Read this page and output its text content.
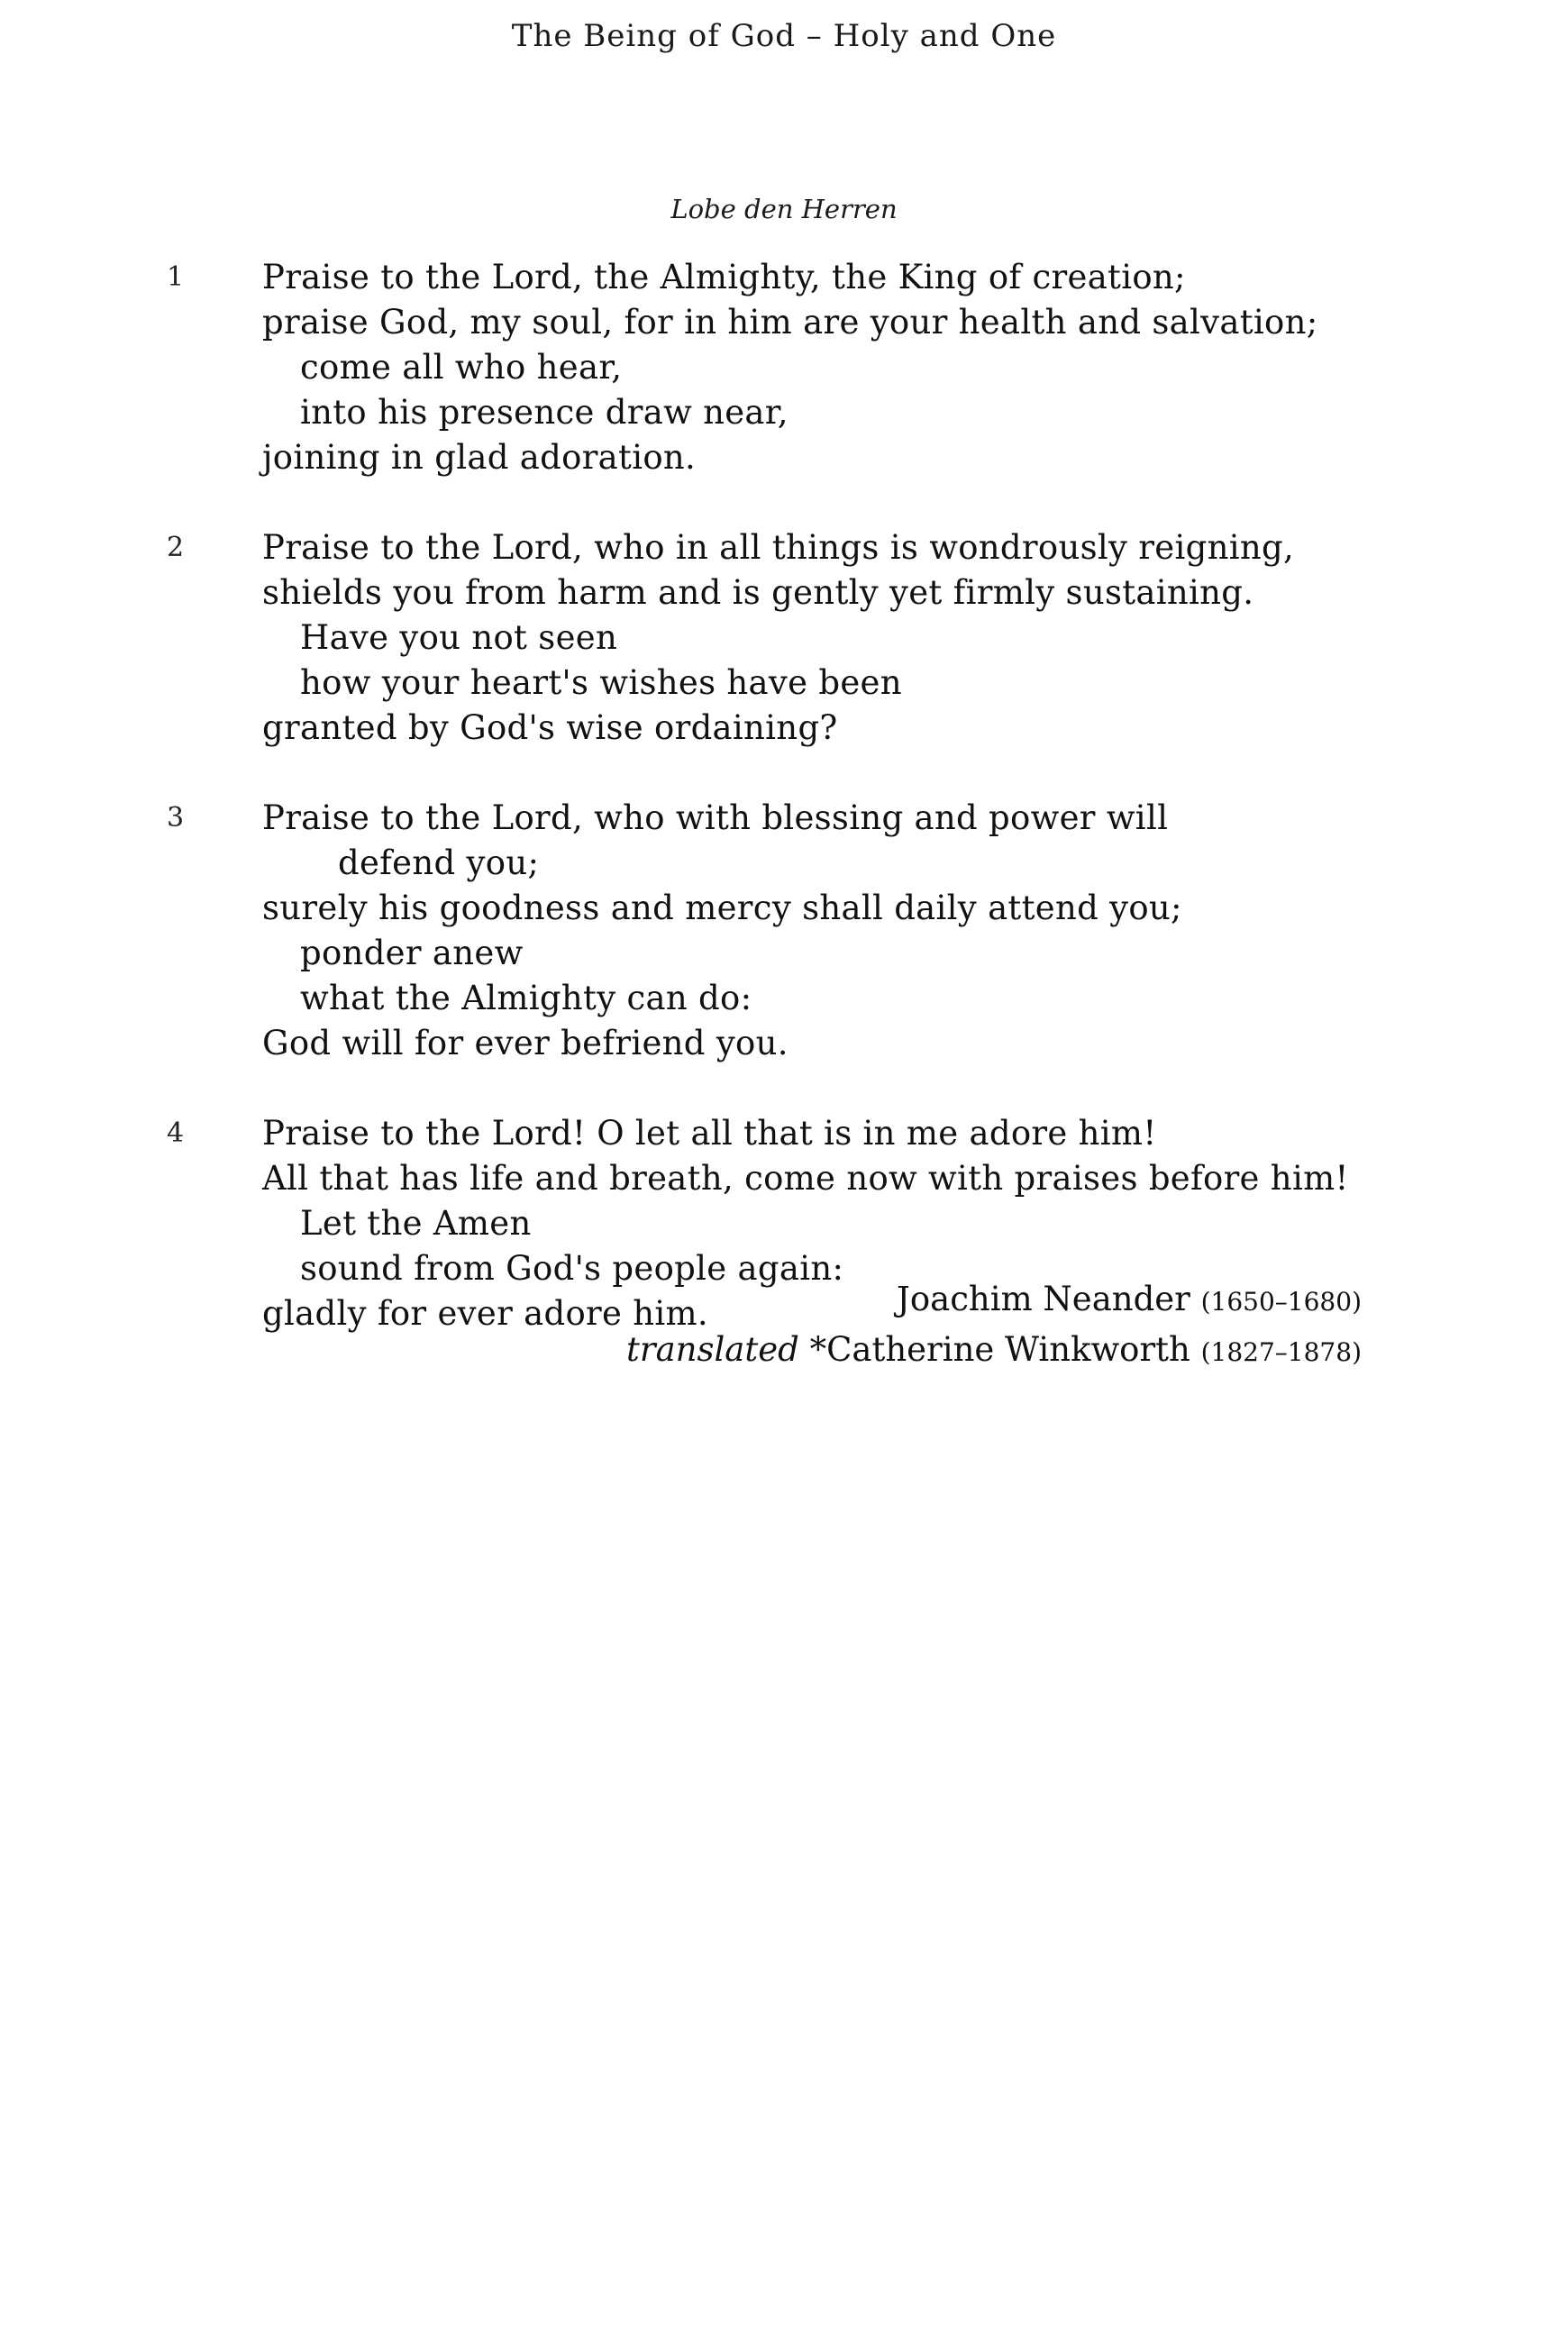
The Being of God – Holy and One
Lobe den Herren
1 Praise to the Lord, the Almighty, the King of creation;
praise God, my soul, for in him are your health and salvation;
come all who hear,
into his presence draw near,
joining in glad adoration.
2 Praise to the Lord, who in all things is wondrously reigning,
shields you from harm and is gently yet firmly sustaining.
Have you not seen
how your heart's wishes have been
granted by God's wise ordaining?
3 Praise to the Lord, who with blessing and power will
defend you;
surely his goodness and mercy shall daily attend you;
ponder anew
what the Almighty can do:
God will for ever befriend you.
4 Praise to the Lord! O let all that is in me adore him!
All that has life and breath, come now with praises before him!
Let the Amen
sound from God's people again:
gladly for ever adore him.	Joachim Neander (1650–1680)
translated *Catherine Winkworth (1827–1878)
